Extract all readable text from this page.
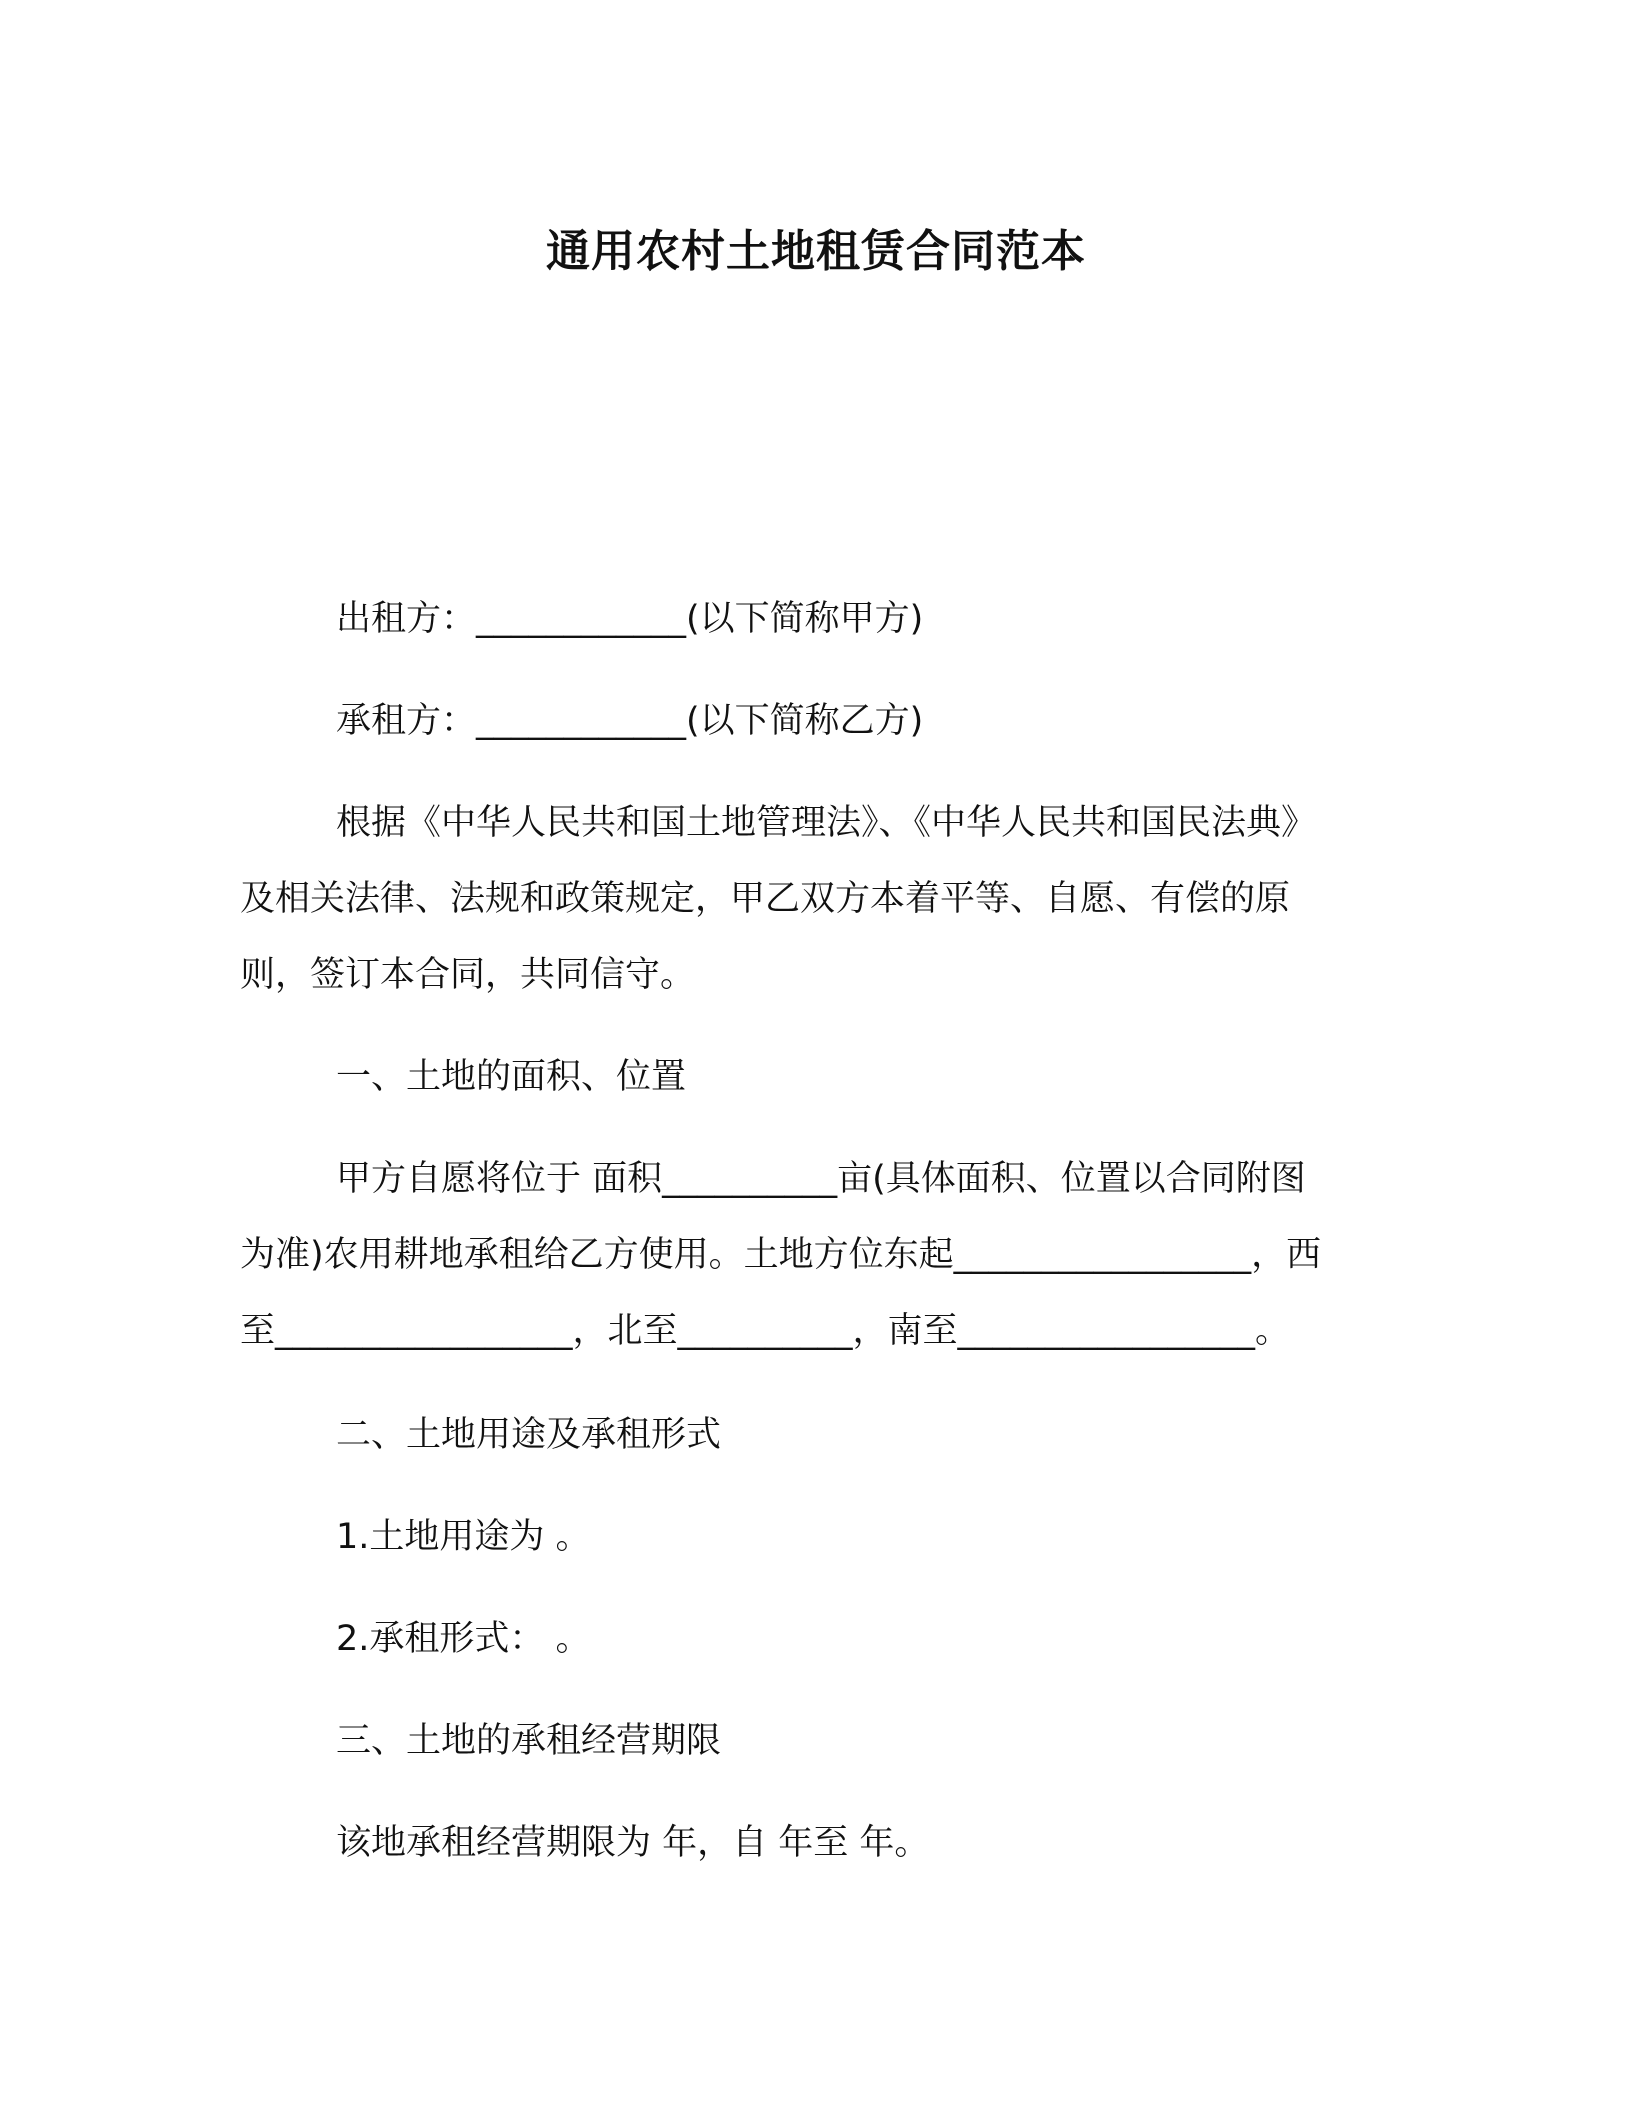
通用农村土地租赁合同范本

出租方：____________(以下简称甲方)

承租方：____________(以下简称乙方)

根据《中华人民共和国土地管理法》、《中华人民共和国民法典》

及相关法律、法规和政策规定，甲乙双方本着平等、自愿、有偿的原

则，签订本合同，共同信守。

一、土地的面积、位置

甲方自愿将位于 面积__________亩(具体面积、位置以合同附图

为准)农用耕地承租给乙方使用。土地方位东起_________________，西

至_________________，北至__________，南至_________________。

二、土地用途及承租形式

1.土地用途为 。

2.承租形式： 。

三、土地的承租经营期限

该地承租经营期限为 年，自 年至 年。
